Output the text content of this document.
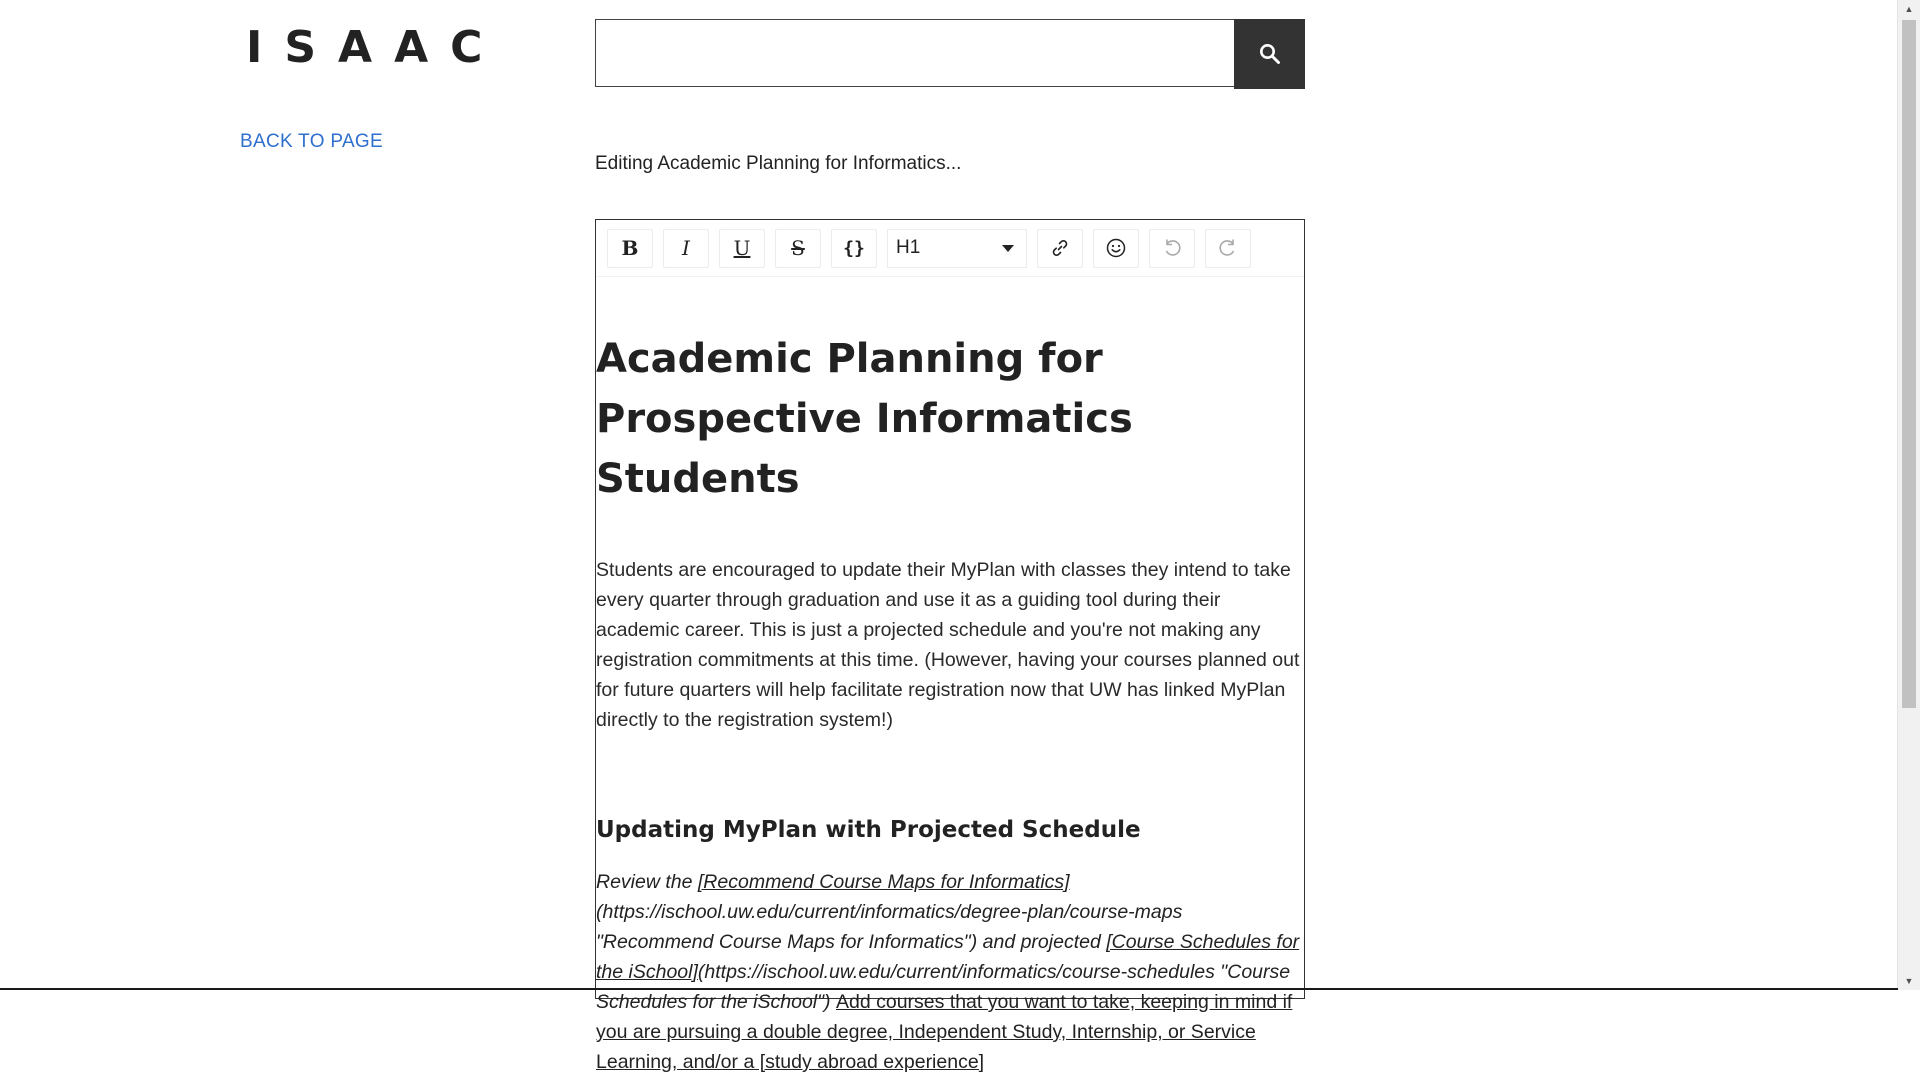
ISAAC
BACK TO PAGE
Editing Academic Planning for Informatics...
B	I	U	S	{}	H1
Academic Planning for Prospective Informatics Students

Students are encouraged to update their MyPlan with classes they intend to take every quarter through graduation and use it as a guiding tool during their academic career. This is just a projected schedule and you're not making any registration commitments at this time. (However, having your courses planned out for future quarters will help facilitate registration now that UW has linked MyPlan directly to the registration system!)

Updating MyPlan with Projected Schedule

Review the [Recommend Course Maps for Informatics](https://ischool.uw.edu/current/informatics/degree-plan/course-maps "Recommend Course Maps for Informatics") and projected [Course Schedules for the iSchool](https://ischool.uw.edu/current/informatics/course-schedules "Course Schedules for the iSchool") Add courses that you want to take, keeping in mind if you are pursuing a double degree, Independent Study, Internship, or Service Learning, and/or a [study abroad experience]

▲
▼
